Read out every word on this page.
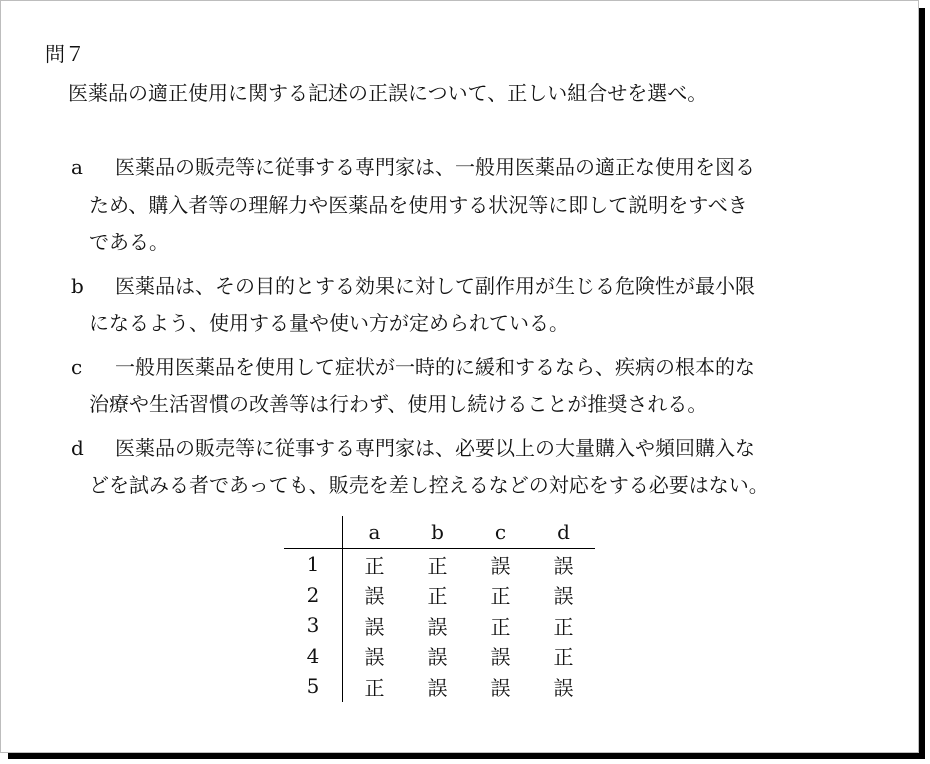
問７
医薬品の適正使用に関する記述の正誤について、正しい組合せを選べ。
a 医薬品の販売等に従事する専門家は、一般用医薬品の適正な使用を図る
ため、購入者等の理解力や医薬品を使用する状況等に即して説明をすべき
である。
b 医薬品は、その目的とする効果に対して副作用が生じる危険性が最小限
になるよう、使用する量や使い方が定められている。
c 一般用医薬品を使用して症状が一時的に緩和するなら、疾病の根本的な
治療や生活習慣の改善等は行わず、使用し続けることが推奨される。
d 医薬品の販売等に従事する専門家は、必要以上の大量購入や頻回購入な
どを試みる者であっても、販売を差し控えるなどの対応をする必要はない。
	a	b	c	d
1	正	正	誤	誤
2	誤	正	正	誤
3	誤	誤	正	正
4	誤	誤	誤	正
5	正	誤	誤	誤
